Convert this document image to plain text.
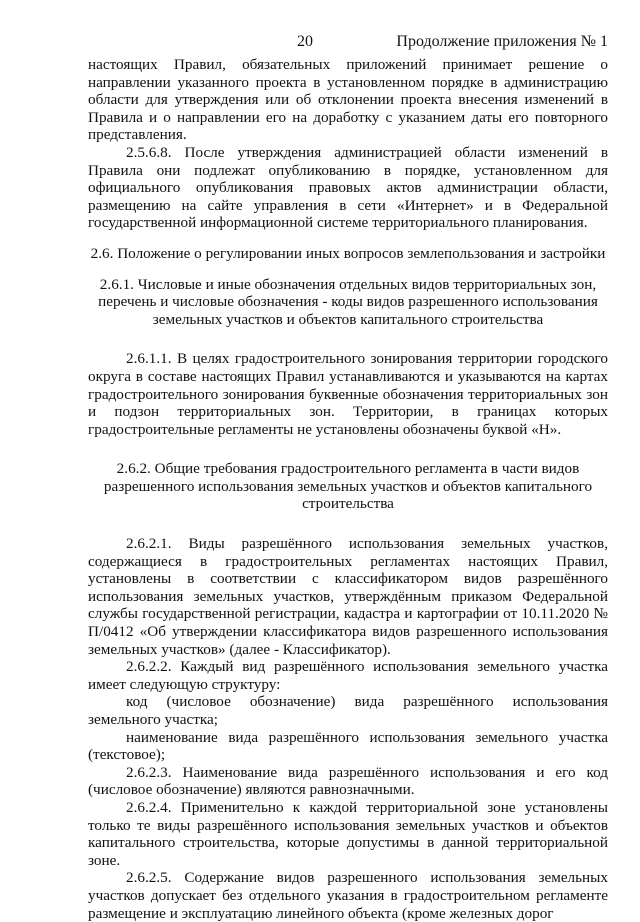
20	Продолжение приложения № 1

настоящих Правил, обязательных приложений принимает решение о направлении указанного проекта в установленном порядке в администрацию области для утверждения или об отклонении проекта внесения изменений в Правила и о направлении его на доработку с указанием даты его повторного представления.

2.5.6.8. После утверждения администрацией области изменений в Правила они подлежат опубликованию в порядке, установленном для официального опубликования правовых актов администрации области, размещению на сайте управления в сети «Интернет» и в Федеральной государственной информационной системе территориального планирования.

2.6. Положение о регулировании иных вопросов землепользования и застройки

2.6.1. Числовые и иные обозначения отдельных видов территориальных зон, перечень и числовые обозначения - коды видов разрешенного использования земельных участков и объектов капитального строительства

2.6.1.1. В целях градостроительного зонирования территории городского округа в составе настоящих Правил устанавливаются и указываются на картах градостроительного зонирования буквенные обозначения территориальных зон и подзон территориальных зон. Территории, в границах которых градостроительные регламенты не установлены обозначены буквой «Н».

2.6.2. Общие требования градостроительного регламента в части видов разрешенного использования земельных участков и объектов капитального строительства

2.6.2.1. Виды разрешённого использования земельных участков, содержащиеся в градостроительных регламентах настоящих Правил, установлены в соответствии с классификатором видов разрешённого использования земельных участков, утверждённым приказом Федеральной службы государственной регистрации, кадастра и картографии от 10.11.2020 № П/0412 «Об утверждении классификатора видов разрешенного использования земельных участков» (далее - Классификатор).

2.6.2.2. Каждый вид разрешённого использования земельного участка имеет следующую структуру:

код (числовое обозначение) вида разрешённого использования земельного участка;

наименование вида разрешённого использования земельного участка (текстовое);

2.6.2.3. Наименование вида разрешённого использования и его код (числовое обозначение) являются равнозначными.

2.6.2.4. Применительно к каждой территориальной зоне установлены только те виды разрешённого использования земельных участков и объектов капитального строительства, которые допустимы в данной территориальной зоне.

2.6.2.5. Содержание видов разрешенного использования земельных участков допускает без отдельного указания в градостроительном регламенте размещение и эксплуатацию линейного объекта (кроме железных дорог
